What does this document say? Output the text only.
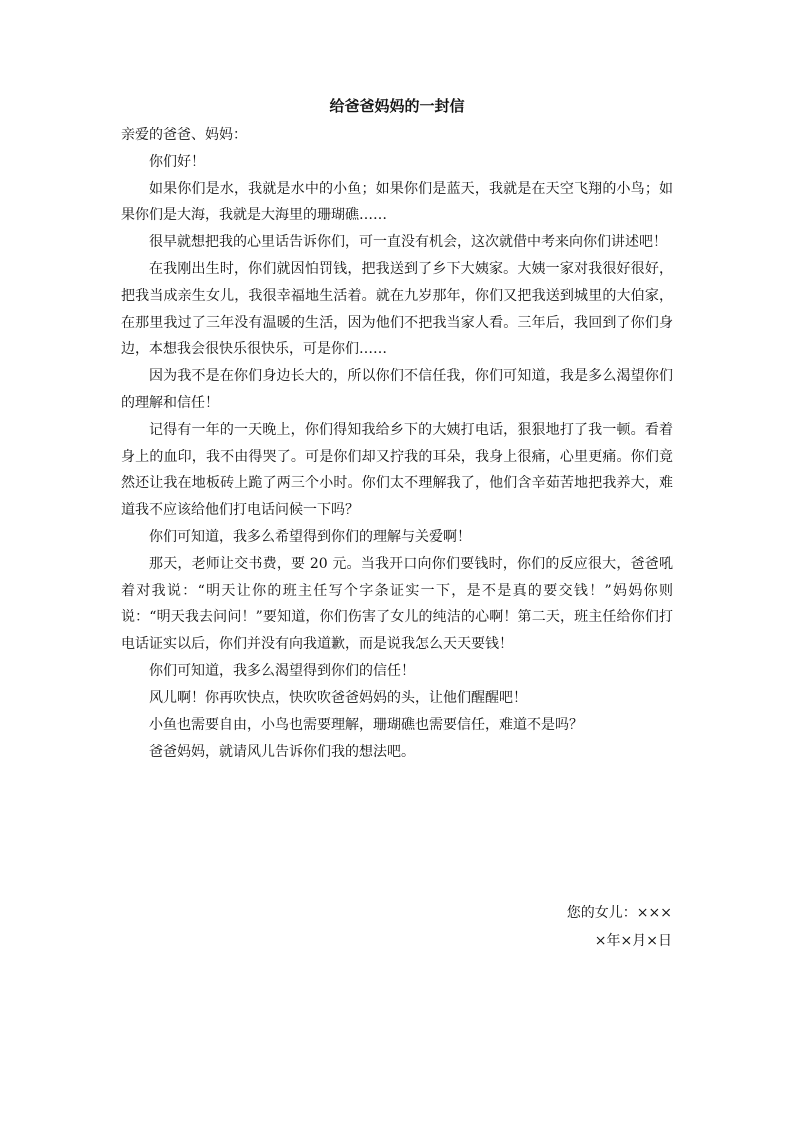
给爸爸妈妈的一封信

亲爱的爸爸、妈妈：

你们好！

如果你们是水，我就是水中的小鱼；如果你们是蓝天，我就是在天空飞翔的小鸟；如果你们是大海，我就是大海里的珊瑚礁……

很早就想把我的心里话告诉你们，可一直没有机会，这次就借中考来向你们讲述吧！

在我刚出生时，你们就因怕罚钱，把我送到了乡下大姨家。大姨一家对我很好很好，把我当成亲生女儿，我很幸福地生活着。就在九岁那年，你们又把我送到城里的大伯家，在那里我过了三年没有温暖的生活，因为他们不把我当家人看。三年后，我回到了你们身边，本想我会很快乐很快乐，可是你们……

因为我不是在你们身边长大的，所以你们不信任我，你们可知道，我是多么渴望你们的理解和信任！

记得有一年的一天晚上，你们得知我给乡下的大姨打电话，狠狠地打了我一顿。看着身上的血印，我不由得哭了。可是你们却又拧我的耳朵，我身上很痛，心里更痛。你们竟然还让我在地板砖上跪了两三个小时。你们太不理解我了，他们含辛茹苦地把我养大，难道我不应该给他们打电话问候一下吗？

你们可知道，我多么希望得到你们的理解与关爱啊！

那天，老师让交书费，要 20 元。当我开口向你们要钱时，你们的反应很大，爸爸吼着对我说：“明天让你的班主任写个字条证实一下，是不是真的要交钱！”妈妈你则说：“明天我去问问！”要知道，你们伤害了女儿的纯洁的心啊！第二天，班主任给你们打电话证实以后，你们并没有向我道歉，而是说我怎么天天要钱！

你们可知道，我多么渴望得到你们的信任！

风儿啊！你再吹快点，快吹吹爸爸妈妈的头，让他们醒醒吧！

小鱼也需要自由，小鸟也需要理解，珊瑚礁也需要信任，难道不是吗？

爸爸妈妈，就请风儿告诉你们我的想法吧。

您的女儿：×××
×年×月×日
